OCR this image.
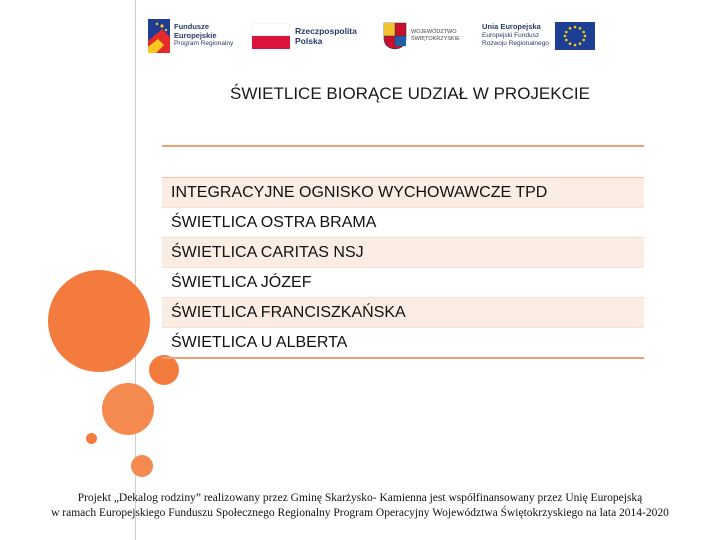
Fundusze
Europejskie
Program Regionalny
Rzeczpospolita
Polska
WOJEWÓDZTWO
ŚWIĘTOKRZYSKIE
Unia Europejska
Europejski Fundusz
Rozwoju Regionalnego
ŚWIETLICE BIORĄCE UDZIAŁ W PROJEKCIE
INTEGRACYJNE OGNISKO WYCHOWAWCZE TPD
ŚWIETLICA OSTRA BRAMA
ŚWIETLICA CARITAS NSJ
ŚWIETLICA JÓZEF
ŚWIETLICA FRANCISZKAŃSKA
ŚWIETLICA U ALBERTA
Projekt „Dekalog rodziny” realizowany przez Gminę Skarżysko- Kamienna jest współfinansowany przez Unię Europejską
w ramach Europejskiego Funduszu Społecznego Regionalny Program Operacyjny Województwa Świętokrzyskiego na lata 2014-2020
